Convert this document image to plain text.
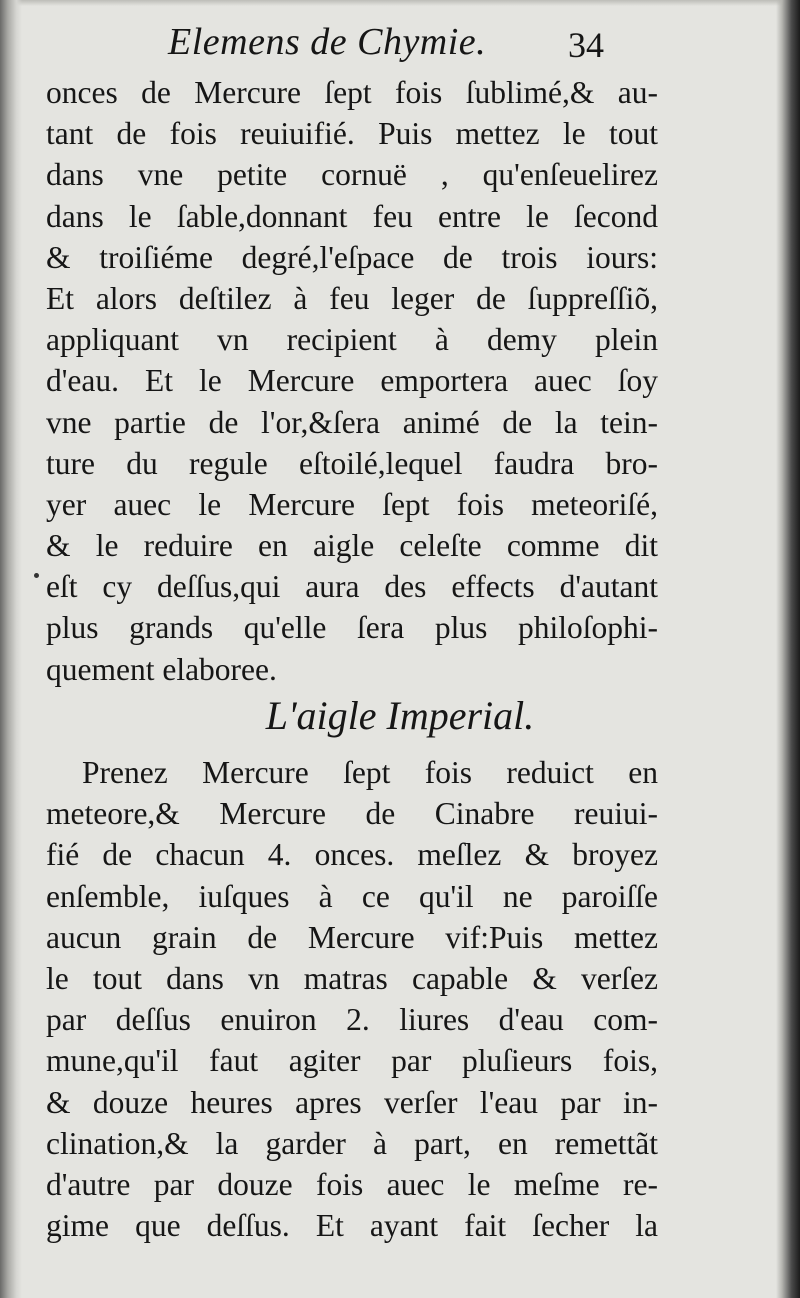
Elemens de Chymie. 34
onces de Mercure ſept fois ſublimé,& au-
tant de fois reuiuifié. Puis mettez le tout
dans vne petite cornuë , qu'enſeuelirez
dans le ſable,donnant feu entre le ſecond
& troiſiéme degré,l'eſpace de trois iours:
Et alors deſtilez à feu leger de ſuppreſſiõ,
appliquant vn recipient à demy plein
d'eau. Et le Mercure emportera auec ſoy
vne partie de l'or,&ſera animé de la tein-
ture du regule eſtoilé,lequel faudra bro-
yer auec le Mercure ſept fois meteoriſé,
& le reduire en aigle celeſte comme dit
eſt cy deſſus,qui aura des effects d'autant
plus grands qu'elle ſera plus philoſophi-
quement elaboree.
L'aigle Imperial.
Prenez Mercure ſept fois reduict en
meteore,& Mercure de Cinabre reuiui-
fié de chacun 4. onces. meſlez & broyez
enſemble, iuſques à ce qu'il ne paroiſſe
aucun grain de Mercure vif:Puis mettez
le tout dans vn matras capable & verſez
par deſſus enuiron 2. liures d'eau com-
mune,qu'il faut agiter par pluſieurs fois,
& douze heures apres verſer l'eau par in-
clination,& la garder à part, en remettãt
d'autre par douze fois auec le meſme re-
gime que deſſus. Et ayant fait ſecher la
